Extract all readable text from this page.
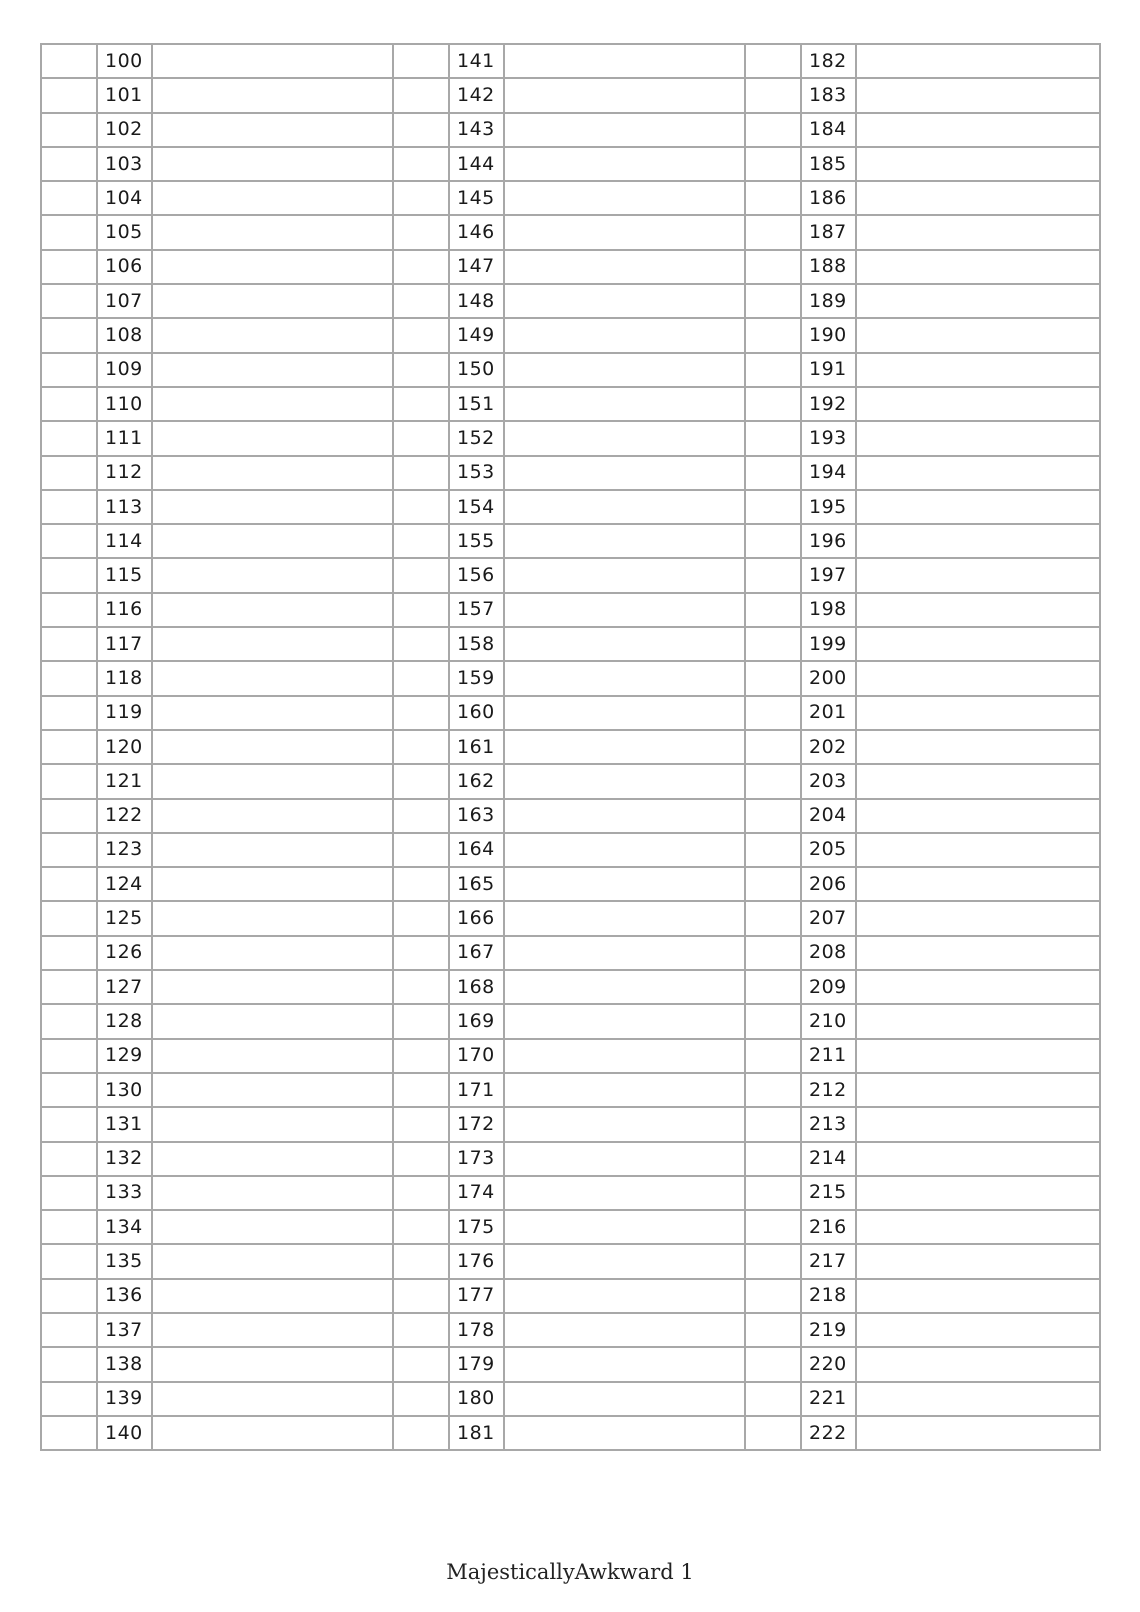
	100			141			182	
	101			142			183	
	102			143			184	
	103			144			185	
	104			145			186	
	105			146			187	
	106			147			188	
	107			148			189	
	108			149			190	
	109			150			191	
	110			151			192	
	111			152			193	
	112			153			194	
	113			154			195	
	114			155			196	
	115			156			197	
	116			157			198	
	117			158			199	
	118			159			200	
	119			160			201	
	120			161			202	
	121			162			203	
	122			163			204	
	123			164			205	
	124			165			206	
	125			166			207	
	126			167			208	
	127			168			209	
	128			169			210	
	129			170			211	
	130			171			212	
	131			172			213	
	132			173			214	
	133			174			215	
	134			175			216	
	135			176			217	
	136			177			218	
	137			178			219	
	138			179			220	
	139			180			221	
	140			181			222	
MajesticallyAwkward 1
